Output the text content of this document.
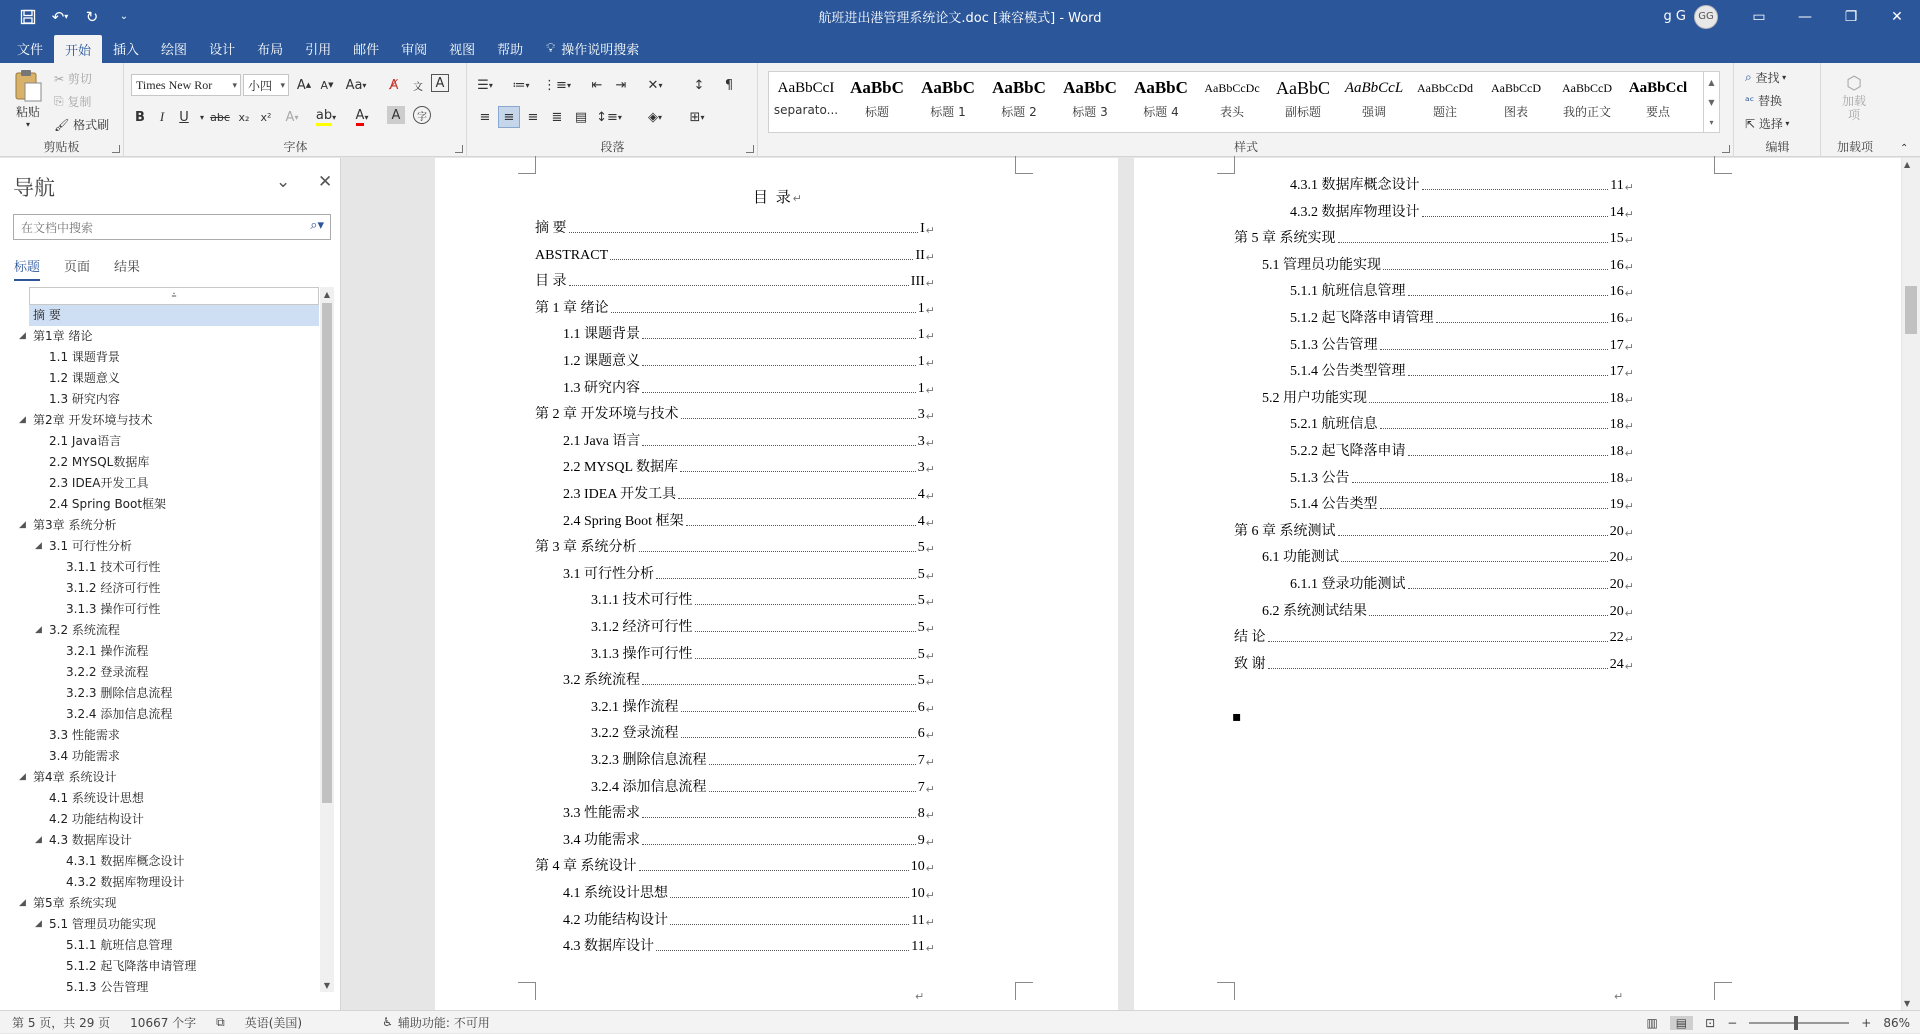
↶ ▾	↻	⌄	航班进出港管理系统论文.doc [兼容模式] - Word	g G	GG	▭	—	❐	✕
文件	开始	插入	绘图	设计	布局	引用	邮件	审阅	视图	帮助	💡︎ 操作说明搜索
粘贴
▾
✂ 剪切
⎘ 复制
🖌︎ 格式刷
剪贴板
Times New Ror ▾ 小四 ▾ A ▲ A ▼ Aa ▾	A̸	文 A
B	I	U	▾ abc x₂	x²	A ▾ ab ▾ A ▾	A	字
字体
☰ ▾ ≔ ▾ ⋮≡ ▾	⇤	⇥	✕ ▾	↕	¶
≡	≡	≡	≣ ▤ ↕≡ ▾	◈ ▾ ⊞ ▾
段落	样式
▲
▼
▾
AaBbCcI
separato...
AaBbC
标题
AaBbC
标题 1
AaBbC
标题 2
AaBbC
标题 3
AaBbC
标题 4
AaBbCcDc
表头
AaBbC
副标题
AaBbCcL
强调
AaBbCcDd
题注
AaBbCcD
图表
AaBbCcD
我的正文
AaBbCcl
要点
⌕ 查找 ▾
ᵃᶜ 替换
⇱ 选择 ▾
编辑
⬡
加载项
加载项	⌃
导航	⌄ ✕
在文档中搜索	⌕▾
标题 页面 结果
⩮
摘 要
◢ 第1章 绪论
1.1 课题背景
1.2 课题意义
1.3 研究内容
◢ 第2章 开发环境与技术
2.1 Java语言
2.2 MYSQL数据库
2.3 IDEA开发工具
2.4 Spring Boot框架
◢ 第3章 系统分析
◢ 3.1 可行性分析
3.1.1 技术可行性
3.1.2 经济可行性
3.1.3 操作可行性
◢ 3.2 系统流程
3.2.1 操作流程
3.2.2 登录流程
3.2.3 删除信息流程
3.2.4 添加信息流程
3.3 性能需求
3.4 功能需求
◢ 第4章 系统设计
4.1 系统设计思想
4.2 功能结构设计
◢ 4.3 数据库设计
4.3.1 数据库概念设计
4.3.2 数据库物理设计
◢ 第5章 系统实现
◢ 5.1 管理员功能实现
5.1.1 航班信息管理
5.1.2 起飞降落申请管理
5.1.3 公告管理
▲
▼
目 录↵
↵
摘 要	I ↵
ABSTRACT	II ↵
目 录	III ↵
第 1 章 绪论	1 ↵
1.1 课题背景	1 ↵
1.2 课题意义	1 ↵
1.3 研究内容	1 ↵
第 2 章 开发环境与技术	3 ↵
2.1 Java 语言	3 ↵
2.2 MYSQL 数据库	3 ↵
2.3 IDEA 开发工具	4 ↵
2.4 Spring Boot 框架	4 ↵
第 3 章 系统分析	5 ↵
3.1 可行性分析	5 ↵
3.1.1 技术可行性	5 ↵
3.1.2 经济可行性	5 ↵
3.1.3 操作可行性	5 ↵
3.2 系统流程	5 ↵
3.2.1 操作流程	6 ↵
3.2.2 登录流程	6 ↵
3.2.3 删除信息流程	7 ↵
3.2.4 添加信息流程	7 ↵
3.3 性能需求	8 ↵
3.4 功能需求	9 ↵
第 4 章 系统设计	10 ↵
4.1 系统设计思想	10 ↵
4.2 功能结构设计	11 ↵
4.3 数据库设计	11 ↵
▪
↵
4.3.1 数据库概念设计	11 ↵
4.3.2 数据库物理设计	14 ↵
第 5 章 系统实现	15 ↵
5.1 管理员功能实现	16 ↵
5.1.1 航班信息管理	16 ↵
5.1.2 起飞降落申请管理	16 ↵
5.1.3 公告管理	17 ↵
5.1.4 公告类型管理	17 ↵
5.2 用户功能实现	18 ↵
5.2.1 航班信息	18 ↵
5.2.2 起飞降落申请	18 ↵
5.1.3 公告	18 ↵
5.1.4 公告类型	19 ↵
第 6 章 系统测试	20 ↵
6.1 功能测试	20 ↵
6.1.1 登录功能测试	20 ↵
6.2 系统测试结果	20 ↵
结 论	22 ↵
致 谢	24 ↵
▲
▼
第 5 页，共 29 页 10667 个字 ⧉ 英语(美国)	♿︎ 辅助功能: 不可用	▥	▤	⊡ −	+ 86%
